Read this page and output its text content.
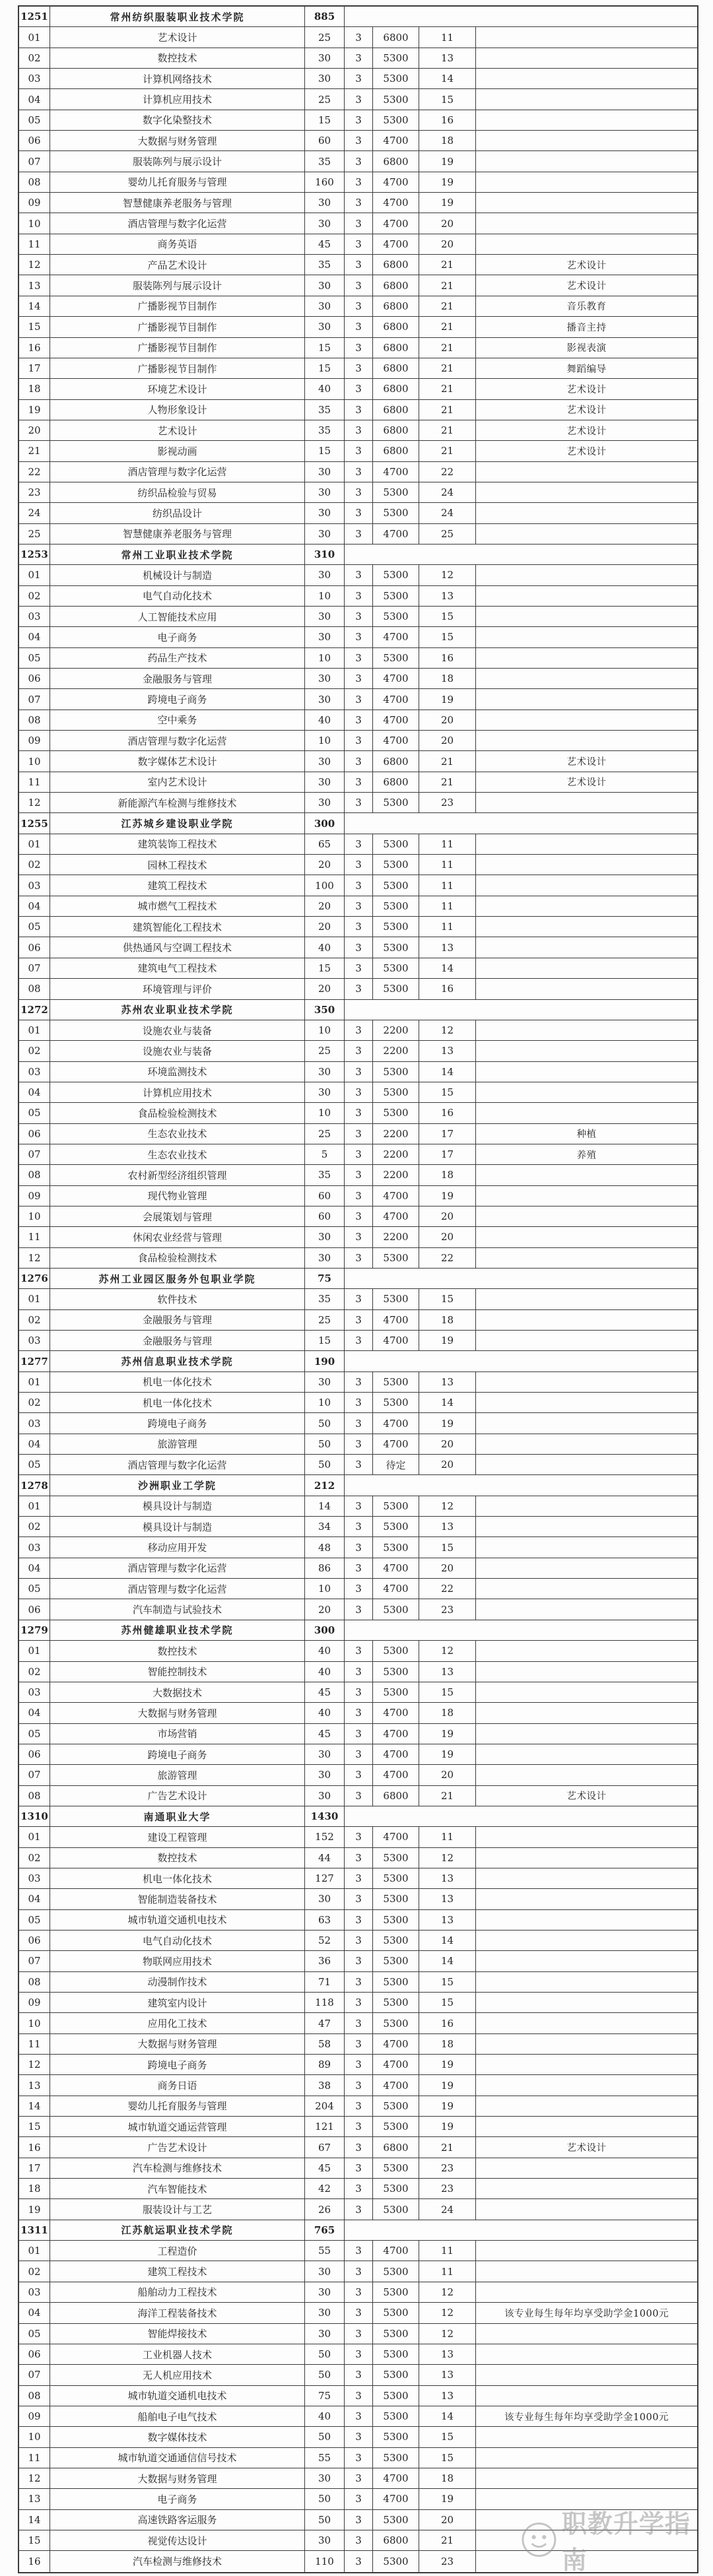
1251	常州纺织服装职业技术学院	885
01	艺术设计	25	3	6800	11
02	数控技术	30	3	5300	13
03	计算机网络技术	30	3	5300	14
04	计算机应用技术	25	3	5300	15
05	数字化染整技术	15	3	5300	16
06	大数据与财务管理	60	3	4700	18
07	服装陈列与展示设计	35	3	6800	19
08	婴幼儿托育服务与管理	160	3	4700	19
09	智慧健康养老服务与管理	30	3	4700	19
10	酒店管理与数字化运营	30	3	4700	20
11	商务英语	45	3	4700	20
12	产品艺术设计	35	3	6800	21	艺术设计
13	服装陈列与展示设计	30	3	6800	21	艺术设计
14	广播影视节目制作	30	3	6800	21	音乐教育
15	广播影视节目制作	30	3	6800	21	播音主持
16	广播影视节目制作	15	3	6800	21	影视表演
17	广播影视节目制作	15	3	6800	21	舞蹈编导
18	环境艺术设计	40	3	6800	21	艺术设计
19	人物形象设计	35	3	6800	21	艺术设计
20	艺术设计	35	3	6800	21	艺术设计
21	影视动画	15	3	6800	21	艺术设计
22	酒店管理与数字化运营	30	3	4700	22
23	纺织品检验与贸易	30	3	5300	24
24	纺织品设计	30	3	5300	24
25	智慧健康养老服务与管理	30	3	4700	25
1253	常州工业职业技术学院	310
01	机械设计与制造	30	3	5300	12
02	电气自动化技术	10	3	5300	13
03	人工智能技术应用	30	3	5300	15
04	电子商务	30	3	4700	15
05	药品生产技术	10	3	5300	16
06	金融服务与管理	30	3	4700	18
07	跨境电子商务	30	3	4700	19
08	空中乘务	40	3	4700	20
09	酒店管理与数字化运营	10	3	4700	20
10	数字媒体艺术设计	30	3	6800	21	艺术设计
11	室内艺术设计	30	3	6800	21	艺术设计
12	新能源汽车检测与维修技术	30	3	5300	23
1255	江苏城乡建设职业学院	300
01	建筑装饰工程技术	65	3	5300	11
02	园林工程技术	20	3	5300	11
03	建筑工程技术	100	3	5300	11
04	城市燃气工程技术	20	3	5300	11
05	建筑智能化工程技术	20	3	5300	11
06	供热通风与空调工程技术	40	3	5300	13
07	建筑电气工程技术	15	3	5300	14
08	环境管理与评价	20	3	5300	16
1272	苏州农业职业技术学院	350
01	设施农业与装备	10	3	2200	12
02	设施农业与装备	25	3	2200	13
03	环境监测技术	30	3	5300	14
04	计算机应用技术	30	3	5300	15
05	食品检验检测技术	10	3	5300	16
06	生态农业技术	25	3	2200	17	种植
07	生态农业技术	5	3	2200	17	养殖
08	农村新型经济组织管理	35	3	2200	18
09	现代物业管理	60	3	4700	19
10	会展策划与管理	60	3	4700	20
11	休闲农业经营与管理	30	3	2200	20
12	食品检验检测技术	30	3	5300	22
1276	苏州工业园区服务外包职业学院	75
01	软件技术	35	3	5300	15
02	金融服务与管理	25	3	4700	18
03	金融服务与管理	15	3	4700	19
1277	苏州信息职业技术学院	190
01	机电一体化技术	30	3	5300	13
02	机电一体化技术	10	3	5300	14
03	跨境电子商务	50	3	4700	19
04	旅游管理	50	3	4700	20
05	酒店管理与数字化运营	50	3	待定	20
1278	沙洲职业工学院	212
01	模具设计与制造	14	3	5300	12
02	模具设计与制造	34	3	5300	13
03	移动应用开发	48	3	5300	15
04	酒店管理与数字化运营	86	3	4700	20
05	酒店管理与数字化运营	10	3	4700	22
06	汽车制造与试验技术	20	3	5300	23
1279	苏州健雄职业技术学院	300
01	数控技术	40	3	5300	12
02	智能控制技术	40	3	5300	13
03	大数据技术	45	3	5300	15
04	大数据与财务管理	40	3	4700	18
05	市场营销	45	3	4700	19
06	跨境电子商务	30	3	4700	19
07	旅游管理	30	3	4700	20
08	广告艺术设计	30	3	6800	21	艺术设计
1310	南通职业大学	1430
01	建设工程管理	152	3	4700	11
02	数控技术	44	3	5300	12
03	机电一体化技术	127	3	5300	13
04	智能制造装备技术	30	3	5300	13
05	城市轨道交通机电技术	63	3	5300	13
06	电气自动化技术	52	3	5300	14
07	物联网应用技术	36	3	5300	14
08	动漫制作技术	71	3	5300	15
09	建筑室内设计	118	3	5300	15
10	应用化工技术	47	3	5300	16
11	大数据与财务管理	58	3	4700	18
12	跨境电子商务	89	3	4700	19
13	商务日语	38	3	4700	19
14	婴幼儿托育服务与管理	204	3	5300	19
15	城市轨道交通运营管理	121	3	5300	19
16	广告艺术设计	67	3	6800	21	艺术设计
17	汽车检测与维修技术	45	3	5300	23
18	汽车智能技术	42	3	5300	23
19	服装设计与工艺	26	3	5300	24
1311	江苏航运职业技术学院	765
01	工程造价	55	3	4700	11
02	建筑工程技术	30	3	5300	11
03	船舶动力工程技术	30	3	5300	12
04	海洋工程装备技术	30	3	5300	12	该专业每生每年均享受助学金1000元
05	智能焊接技术	30	3	5300	12
06	工业机器人技术	50	3	5300	13
07	无人机应用技术	50	3	5300	13
08	城市轨道交通机电技术	75	3	5300	13
09	船舶电子电气技术	40	3	5300	14	该专业每生每年均享受助学金1000元
10	数字媒体技术	50	3	5300	15
11	城市轨道交通通信信号技术	55	3	5300	15
12	大数据与财务管理	30	3	4700	18
13	电子商务	50	3	4700	19
14	高速铁路客运服务	50	3	5300	20
15	视觉传达设计	30	3	6800	21
16	汽车检测与维修技术	110	3	5300	23
职教升学指南
